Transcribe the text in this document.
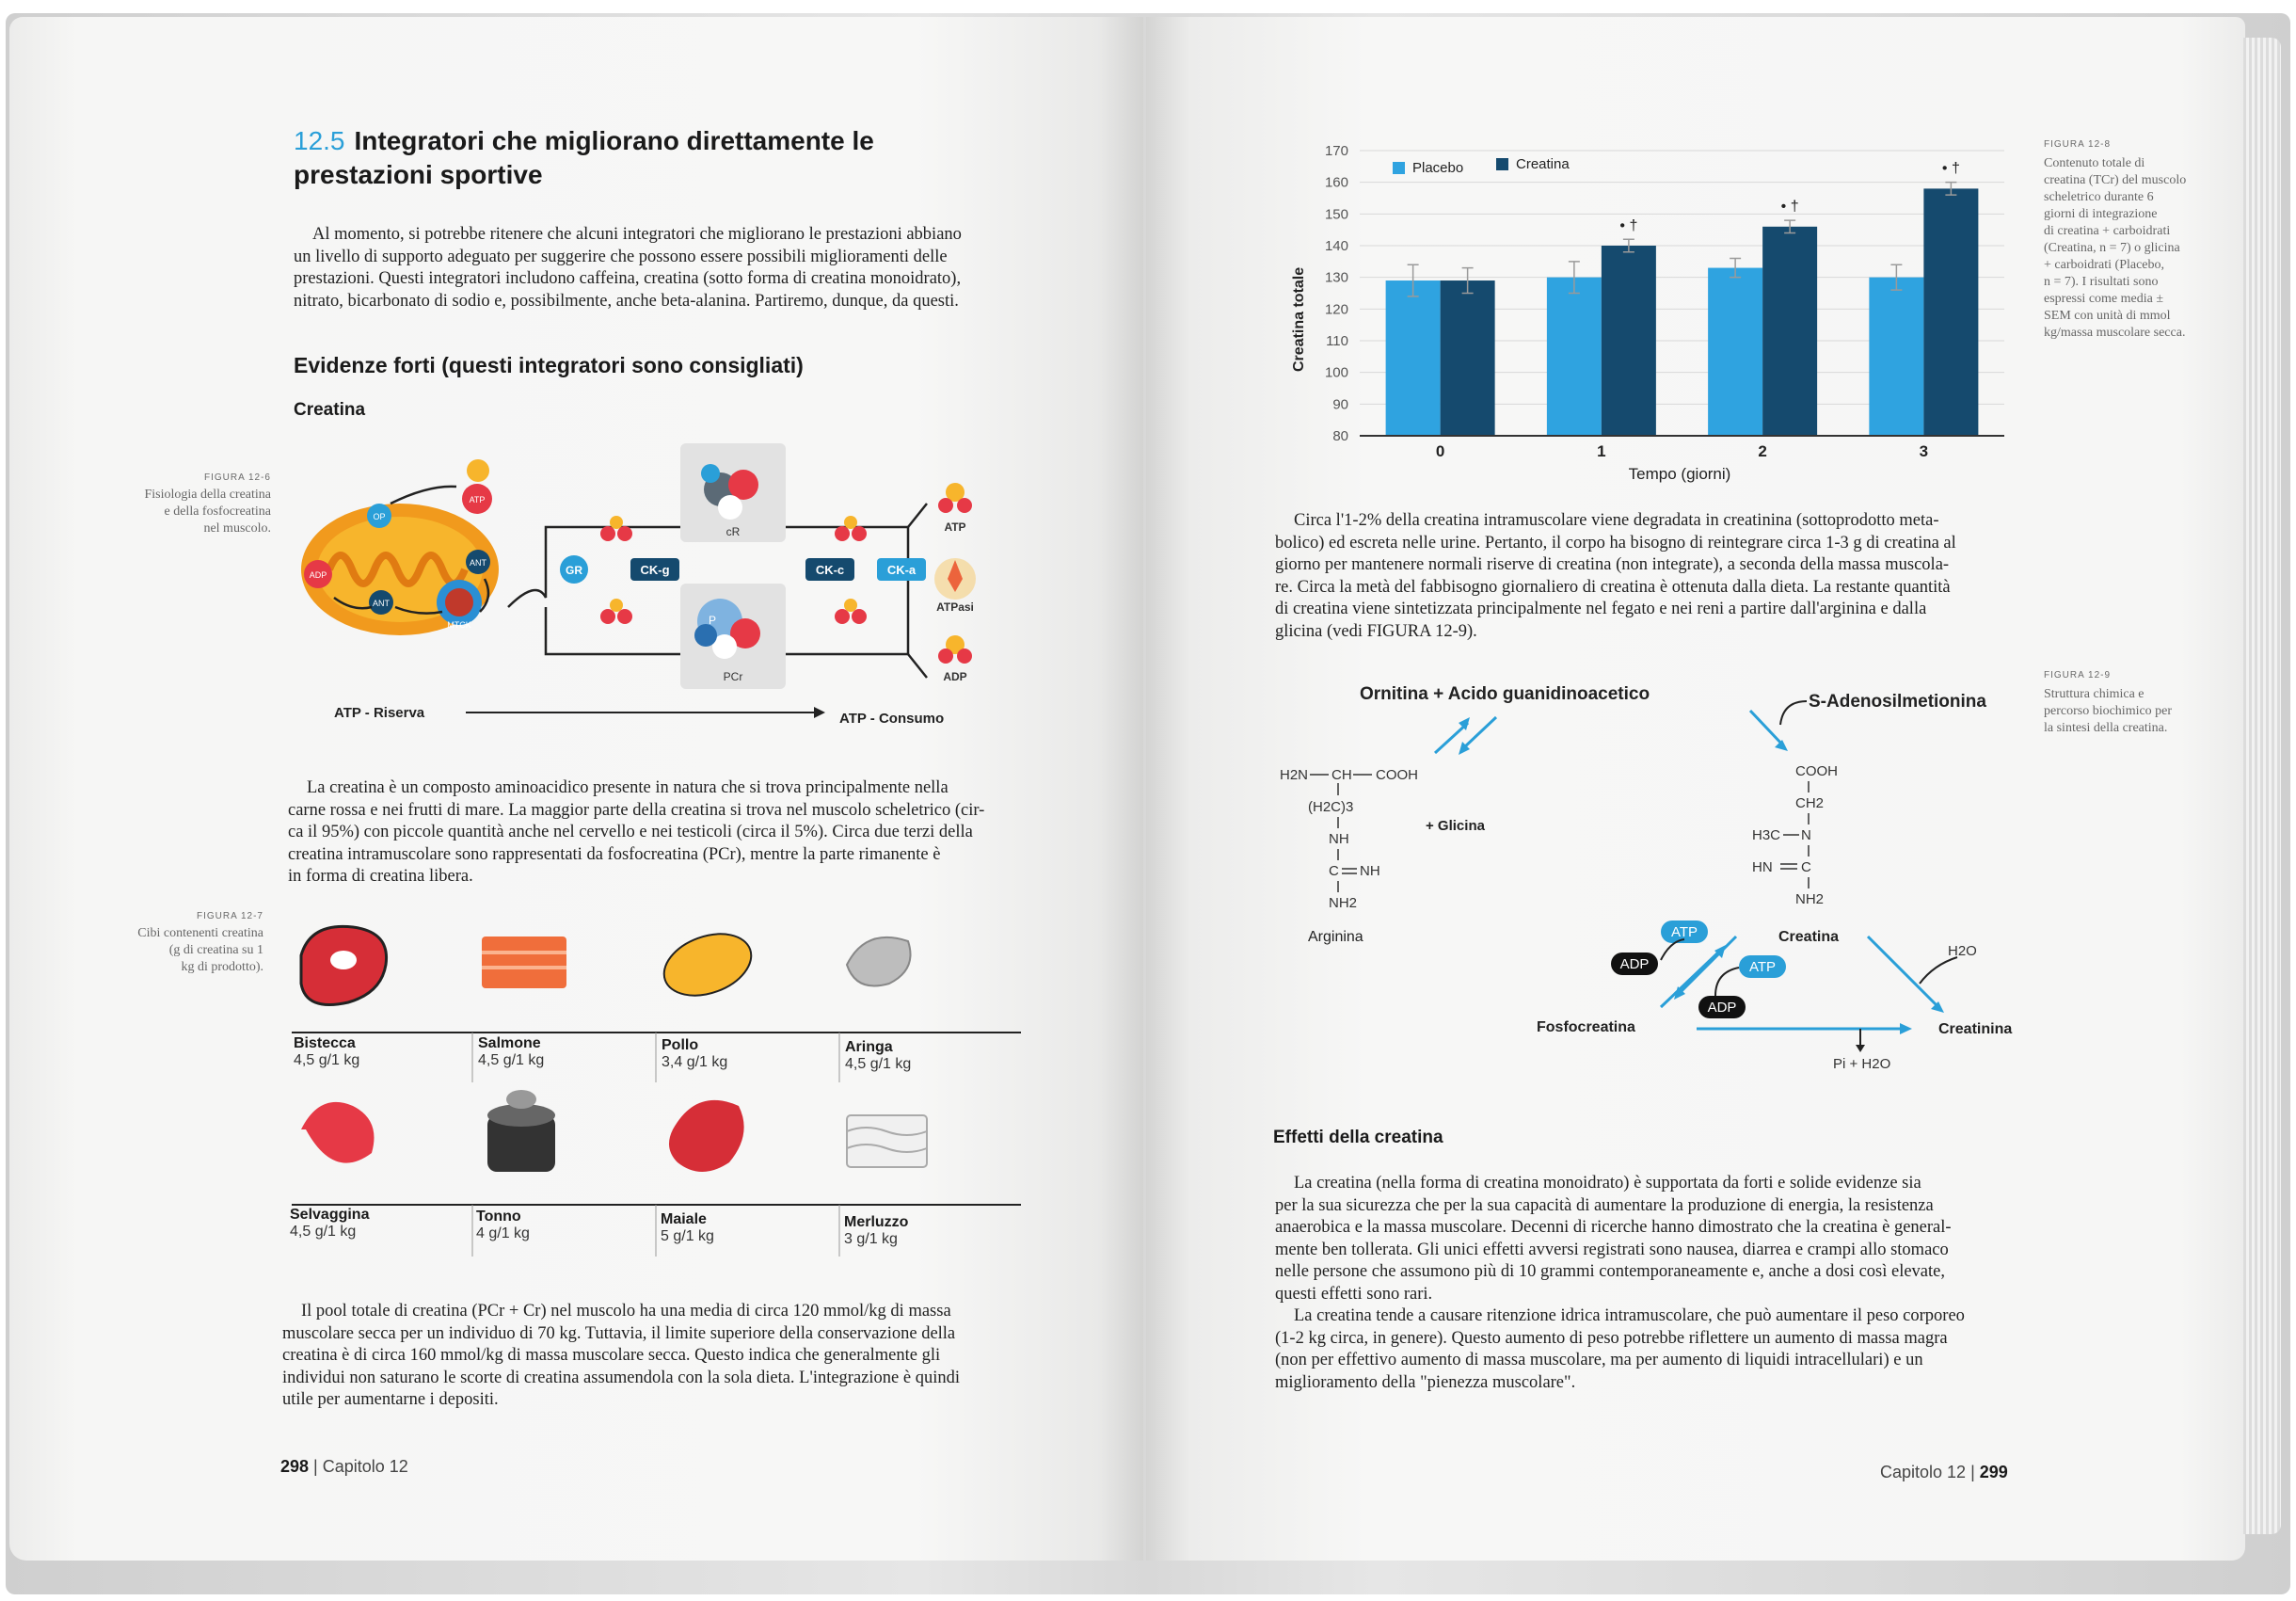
12.5 Integratori che migliorano direttamente le
prestazioni sportive
Al momento, si potrebbe ritenere che alcuni integratori che migliorano le prestazioni abbiano
un livello di supporto adeguato per suggerire che possono essere possibili miglioramenti delle
prestazioni. Questi integratori includono caffeina, creatina (sotto forma di creatina monoidrato),
nitrato, bicarbonato di sodio e, possibilmente, anche beta-alanina. Partiremo, dunque, da questi.
Evidenze forti (questi integratori sono consigliati)
Creatina
FIGURA 12-6
Fisiologia della creatina
e della fosfocreatina
nel muscolo.
OP
ADP
ATP
ANT
ANT
MTCK
cR
P
PCr
GR	CK-g	CK-c	CK-a
ATP
ATPasi
ADP
ATP - Riserva	ATP - Consumo
La creatina è un composto aminoacidico presente in natura che si trova principalmente nella
carne rossa e nei frutti di mare. La maggior parte della creatina si trova nel muscolo scheletrico (cir-
ca il 95%) con piccole quantità anche nel cervello e nei testicoli (circa il 5%). Circa due terzi della
creatina intramuscolare sono rappresentati da fosfocreatina (PCr), mentre la parte rimanente è
in forma di creatina libera.
FIGURA 12-7
Cibi contenenti creatina
(g di creatina su 1
kg di prodotto).
Bistecca
4,5 g/1 kg
Salmone
4,5 g/1 kg
Pollo
3,4 g/1 kg
Aringa
4,5 g/1 kg
Selvaggina
4,5 g/1 kg
Tonno
4 g/1 kg
Maiale
5 g/1 kg
Merluzzo
3 g/1 kg
Il pool totale di creatina (PCr + Cr) nel muscolo ha una media di circa 120 mmol/kg di massa
muscolare secca per un individuo di 70 kg. Tuttavia, il limite superiore della conservazione della
creatina è di circa 160 mmol/kg di massa muscolare secca. Questo indica che generalmente gli
individui non saturano le scorte di creatina assumendola con la sola dieta. L'integrazione è quindi
utile per aumentarne i depositi.
298 | Capitolo 12
80
90
100
110
120
130
140
150
160
170
• †
• †
• †
0	1	2	3
Tempo (giorni)
Creatina totale
Placebo	Creatina
FIGURA 12-8
Contenuto totale di
creatina (TCr) del muscolo
scheletrico durante 6
giorni di integrazione
di creatina + carboidrati
(Creatina, n = 7) o glicina
+ carboidrati (Placebo,
n = 7). I risultati sono
espressi come media ±
SEM con unità di mmol
kg/massa muscolare secca.
Circa l'1-2% della creatina intramuscolare viene degradata in creatinina (sottoprodotto meta-
bolico) ed escreta nelle urine. Pertanto, il corpo ha bisogno di reintegrare circa 1-3 g di creatina al
giorno per mantenere normali riserve di creatina (non integrate), a seconda della massa muscola-
re. Circa la metà del fabbisogno giornaliero di creatina è ottenuta dalla dieta. La restante quantità
di creatina viene sintetizzata principalmente nel fegato e nei reni a partire dall'arginina e dalla
glicina (vedi FIGURA 12-9).
FIGURA 12-9
Struttura chimica e
percorso biochimico per
la sintesi della creatina.
Ornitina + Acido guanidinoacetico	S-Adenosilmetionina
H2N CH COOH
(H2C)3
NH
C NH
NH2
Arginina
+ Glicina
COOH
CH2
H3C N
HN C
NH2
Creatina
ATP
ADP	ATP
ADP
H2O
Fosfocreatina
Pi + H2O
Creatinina
Effetti della creatina
La creatina (nella forma di creatina monoidrato) è supportata da forti e solide evidenze sia
per la sua sicurezza che per la sua capacità di aumentare la produzione di energia, la resistenza
anaerobica e la massa muscolare. Decenni di ricerche hanno dimostrato che la creatina è general-
mente ben tollerata. Gli unici effetti avversi registrati sono nausea, diarrea e crampi allo stomaco
nelle persone che assumono più di 10 grammi contemporaneamente e, anche a dosi così elevate,
questi effetti sono rari.
La creatina tende a causare ritenzione idrica intramuscolare, che può aumentare il peso corporeo
(1-2 kg circa, in genere). Questo aumento di peso potrebbe riflettere un aumento di massa magra
(non per effettivo aumento di massa muscolare, ma per aumento di liquidi intracellulari) e un
miglioramento della "pienezza muscolare".
Capitolo 12 | 299
